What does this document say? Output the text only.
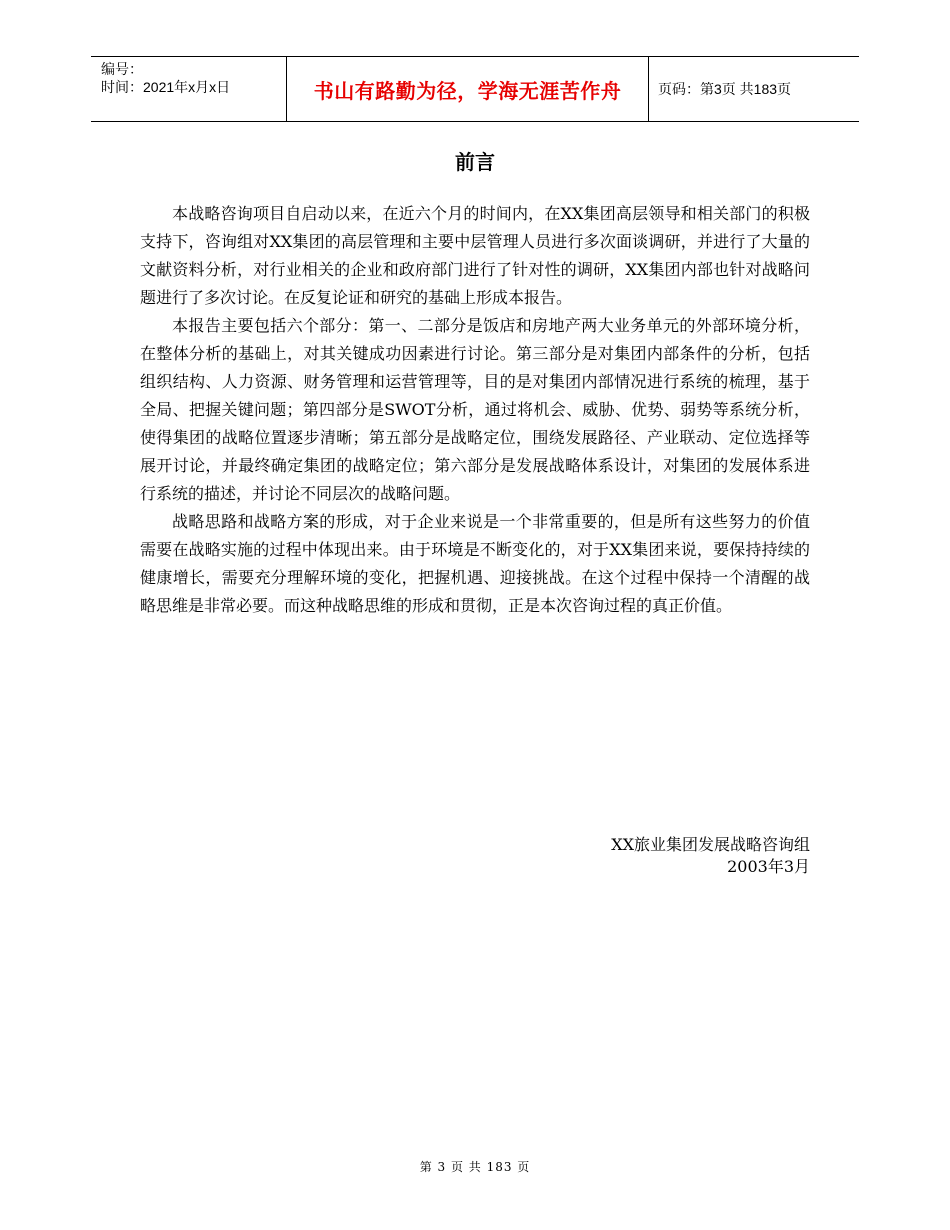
编号：
时间：2021年x月x日	书山有路勤为径，学海无涯苦作舟	页码：第3页 共183页
前言

本战略咨询项目自启动以来，在近六个月的时间内，在XX集团高层领导和相关部门的积极支持下，咨询组对XX集团的高层管理和主要中层管理人员进行多次面谈调研，并进行了大量的文献资料分析，对行业相关的企业和政府部门进行了针对性的调研，XX集团内部也针对战略问题进行了多次讨论。在反复论证和研究的基础上形成本报告。

本报告主要包括六个部分：第一、二部分是饭店和房地产两大业务单元的外部环境分析，在整体分析的基础上，对其关键成功因素进行讨论。第三部分是对集团内部条件的分析，包括组织结构、人力资源、财务管理和运营管理等，目的是对集团内部情况进行系统的梳理，基于全局、把握关键问题；第四部分是SWOT分析，通过将机会、威胁、优势、弱势等系统分析，使得集团的战略位置逐步清晰；第五部分是战略定位，围绕发展路径、产业联动、定位选择等展开讨论，并最终确定集团的战略定位；第六部分是发展战略体系设计，对集团的发展体系进行系统的描述，并讨论不同层次的战略问题。

战略思路和战略方案的形成，对于企业来说是一个非常重要的，但是所有这些努力的价值需要在战略实施的过程中体现出来。由于环境是不断变化的，对于XX集团来说，要保持持续的健康增长，需要充分理解环境的变化，把握机遇、迎接挑战。在这个过程中保持一个清醒的战略思维是非常必要。而这种战略思维的形成和贯彻，正是本次咨询过程的真正价值。

XX旅业集团发展战略咨询组
2003年3月
第 3 页 共 183 页
